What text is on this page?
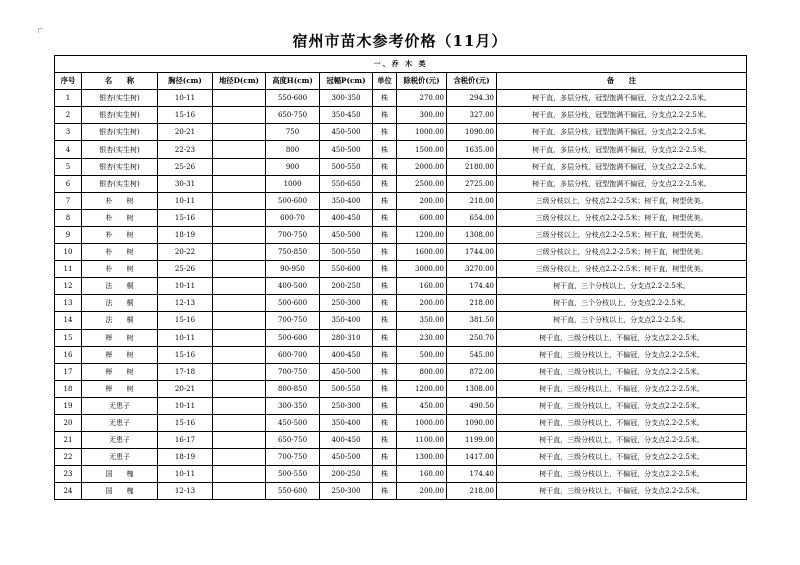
宿州市苗木参考价格（11月）
一、乔 木 类									
序号	名　　称	胸径(cm)	地径D(cm)	高度H(cm)	冠幅P(cm)	单位	除税价(元)	含税价(元)	备　　注
1	银杏(实生树)	10-11		550-600	300-350	株	270.00	294.30	树干直，多层分枝，冠型饱满不偏冠，分支点2.2-2.5米。
2	银杏(实生树)	15-16		650-750	350-450	株	300.00	327.00	树干直，多层分枝，冠型饱满不偏冠，分支点2.2-2.5米。
3	银杏(实生树)	20-21		750	450-500	株	1000.00	1090.00	树干直，多层分枝，冠型饱满不偏冠，分支点2.2-2.5米。
4	银杏(实生树)	22-23		800	450-500	株	1500.00	1635.00	树干直，多层分枝，冠型饱满不偏冠，分支点2.2-2.5米。
5	银杏(实生树)	25-26		900	500-550	株	2000.00	2180.00	树干直，多层分枝，冠型饱满不偏冠，分支点2.2-2.5米。
6	银杏(实生树)	30-31		1000	550-650	株	2500.00	2725.00	树干直，多层分枝，冠型饱满不偏冠，分支点2.2-2.5米。
7	朴　　树	10-11		500-600	350-400	株	200.00	218.00	三级分枝以上，分枝点2.2-2.5米；树干直，树型优美。
8	朴　　树	15-16		600-70	400-450	株	600.00	654.00	三级分枝以上，分枝点2.2-2.5米；树干直，树型优美。
9	朴　　树	18-19		700-750	450-500	株	1200.00	1308.00	三级分枝以上，分枝点2.2-2.5米；树干直，树型优美。
10	朴　　树	20-22		750-850	500-550	株	1600.00	1744.00	三级分枝以上，分枝点2.2-2.5米；树干直，树型优美。
11	朴　　树	25-26		90-950	550-600	株	3000.00	3270.00	三级分枝以上，分枝点2.2-2.5米；树干直，树型优美。
12	法　　桐	10-11		400-500	200-250	株	160.00	174.40	树干直，三个分枝以上，分支点2.2-2.5米。
13	法　　桐	12-13		500-600	250-300	株	200.00	218.00	树干直，三个分枝以上，分支点2.2-2.5米。
14	法　　桐	15-16		700-750	350-400	株	350.00	381.50	树干直，三个分枝以上，分支点2.2-2.5米。
15	榉　　树	10-11		500-600	280-310	株	230.00	250.70	树干直，三级分枝以上，不偏冠，分支点2.2-2.5米。
16	榉　　树	15-16		600-700	400-450	株	500.00	545.00	树干直，三级分枝以上，不偏冠，分支点2.2-2.5米。
17	榉　　树	17-18		700-750	450-500	株	800.00	872.00	树干直，三级分枝以上，不偏冠，分支点2.2-2.5米。
18	榉　　树	20-21		800-850	500-550	株	1200.00	1308.00	树干直，三级分枝以上，不偏冠，分支点2.2-2.5米。
19	无患子	10-11		300-350	250-300	株	450.00	490.50	树干直，三级分枝以上，不偏冠，分支点2.2-2.5米。
20	无患子	15-16		450-500	350-400	株	1000.00	1090.00	树干直，三级分枝以上，不偏冠，分支点2.2-2.5米。
21	无患子	16-17		650-750	400-450	株	1100.00	1199.00	树干直，三级分枝以上，不偏冠，分支点2.2-2.5米。
22	无患子	18-19		700-750	450-500	株	1300.00	1417.00	树干直，三级分枝以上，不偏冠，分支点2.2-2.5米。
23	国　　槐	10-11		500-550	200-250	株	160.00	174.40	树干直，三级分枝以上，不偏冠，分支点2.2-2.5米。
24	国　　槐	12-13		550-600	250-300	株	200.00	218.00	树干直，三级分枝以上，不偏冠，分支点2.2-2.5米。
